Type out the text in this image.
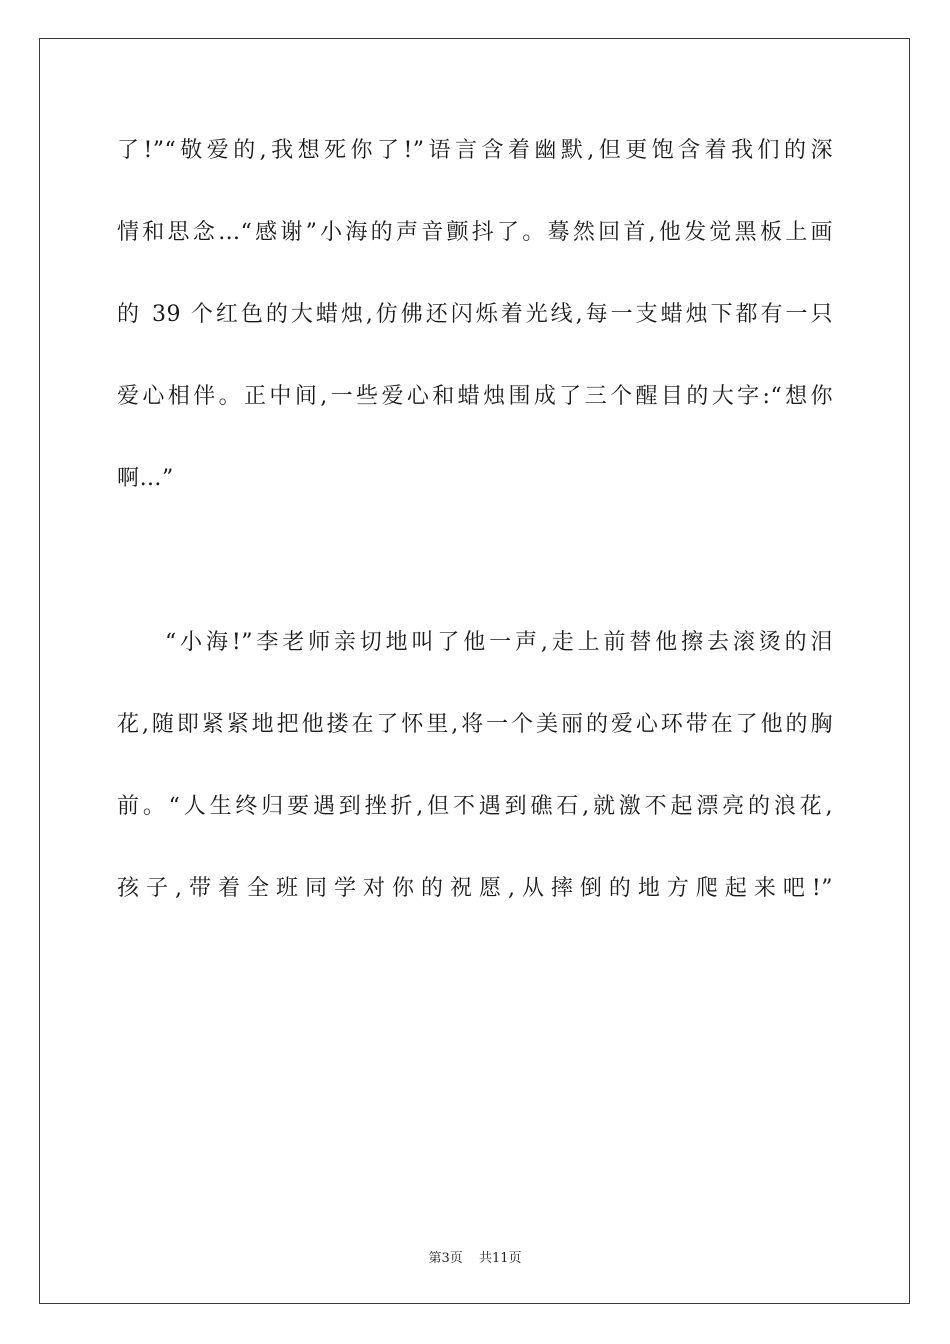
了!”“敬爱的,我想死你了!”语言含着幽默,但更饱含着我们的深
情和思念…“感谢”小海的声音颤抖了。蓦然回首,他发觉黑板上画
的 39 个红色的大蜡烛,仿佛还闪烁着光线,每一支蜡烛下都有一只
爱心相伴。正中间,一些爱心和蜡烛围成了三个醒目的大字:“想你
啊…”
“小海!”李老师亲切地叫了他一声,走上前替他擦去滚烫的泪
花,随即紧紧地把他搂在了怀里,将一个美丽的爱心环带在了他的胸
前。“人生终归要遇到挫折,但不遇到礁石,就激不起漂亮的浪花,
孩子,带着全班同学对你的祝愿,从摔倒的地方爬起来吧!”
第3页 共11页
